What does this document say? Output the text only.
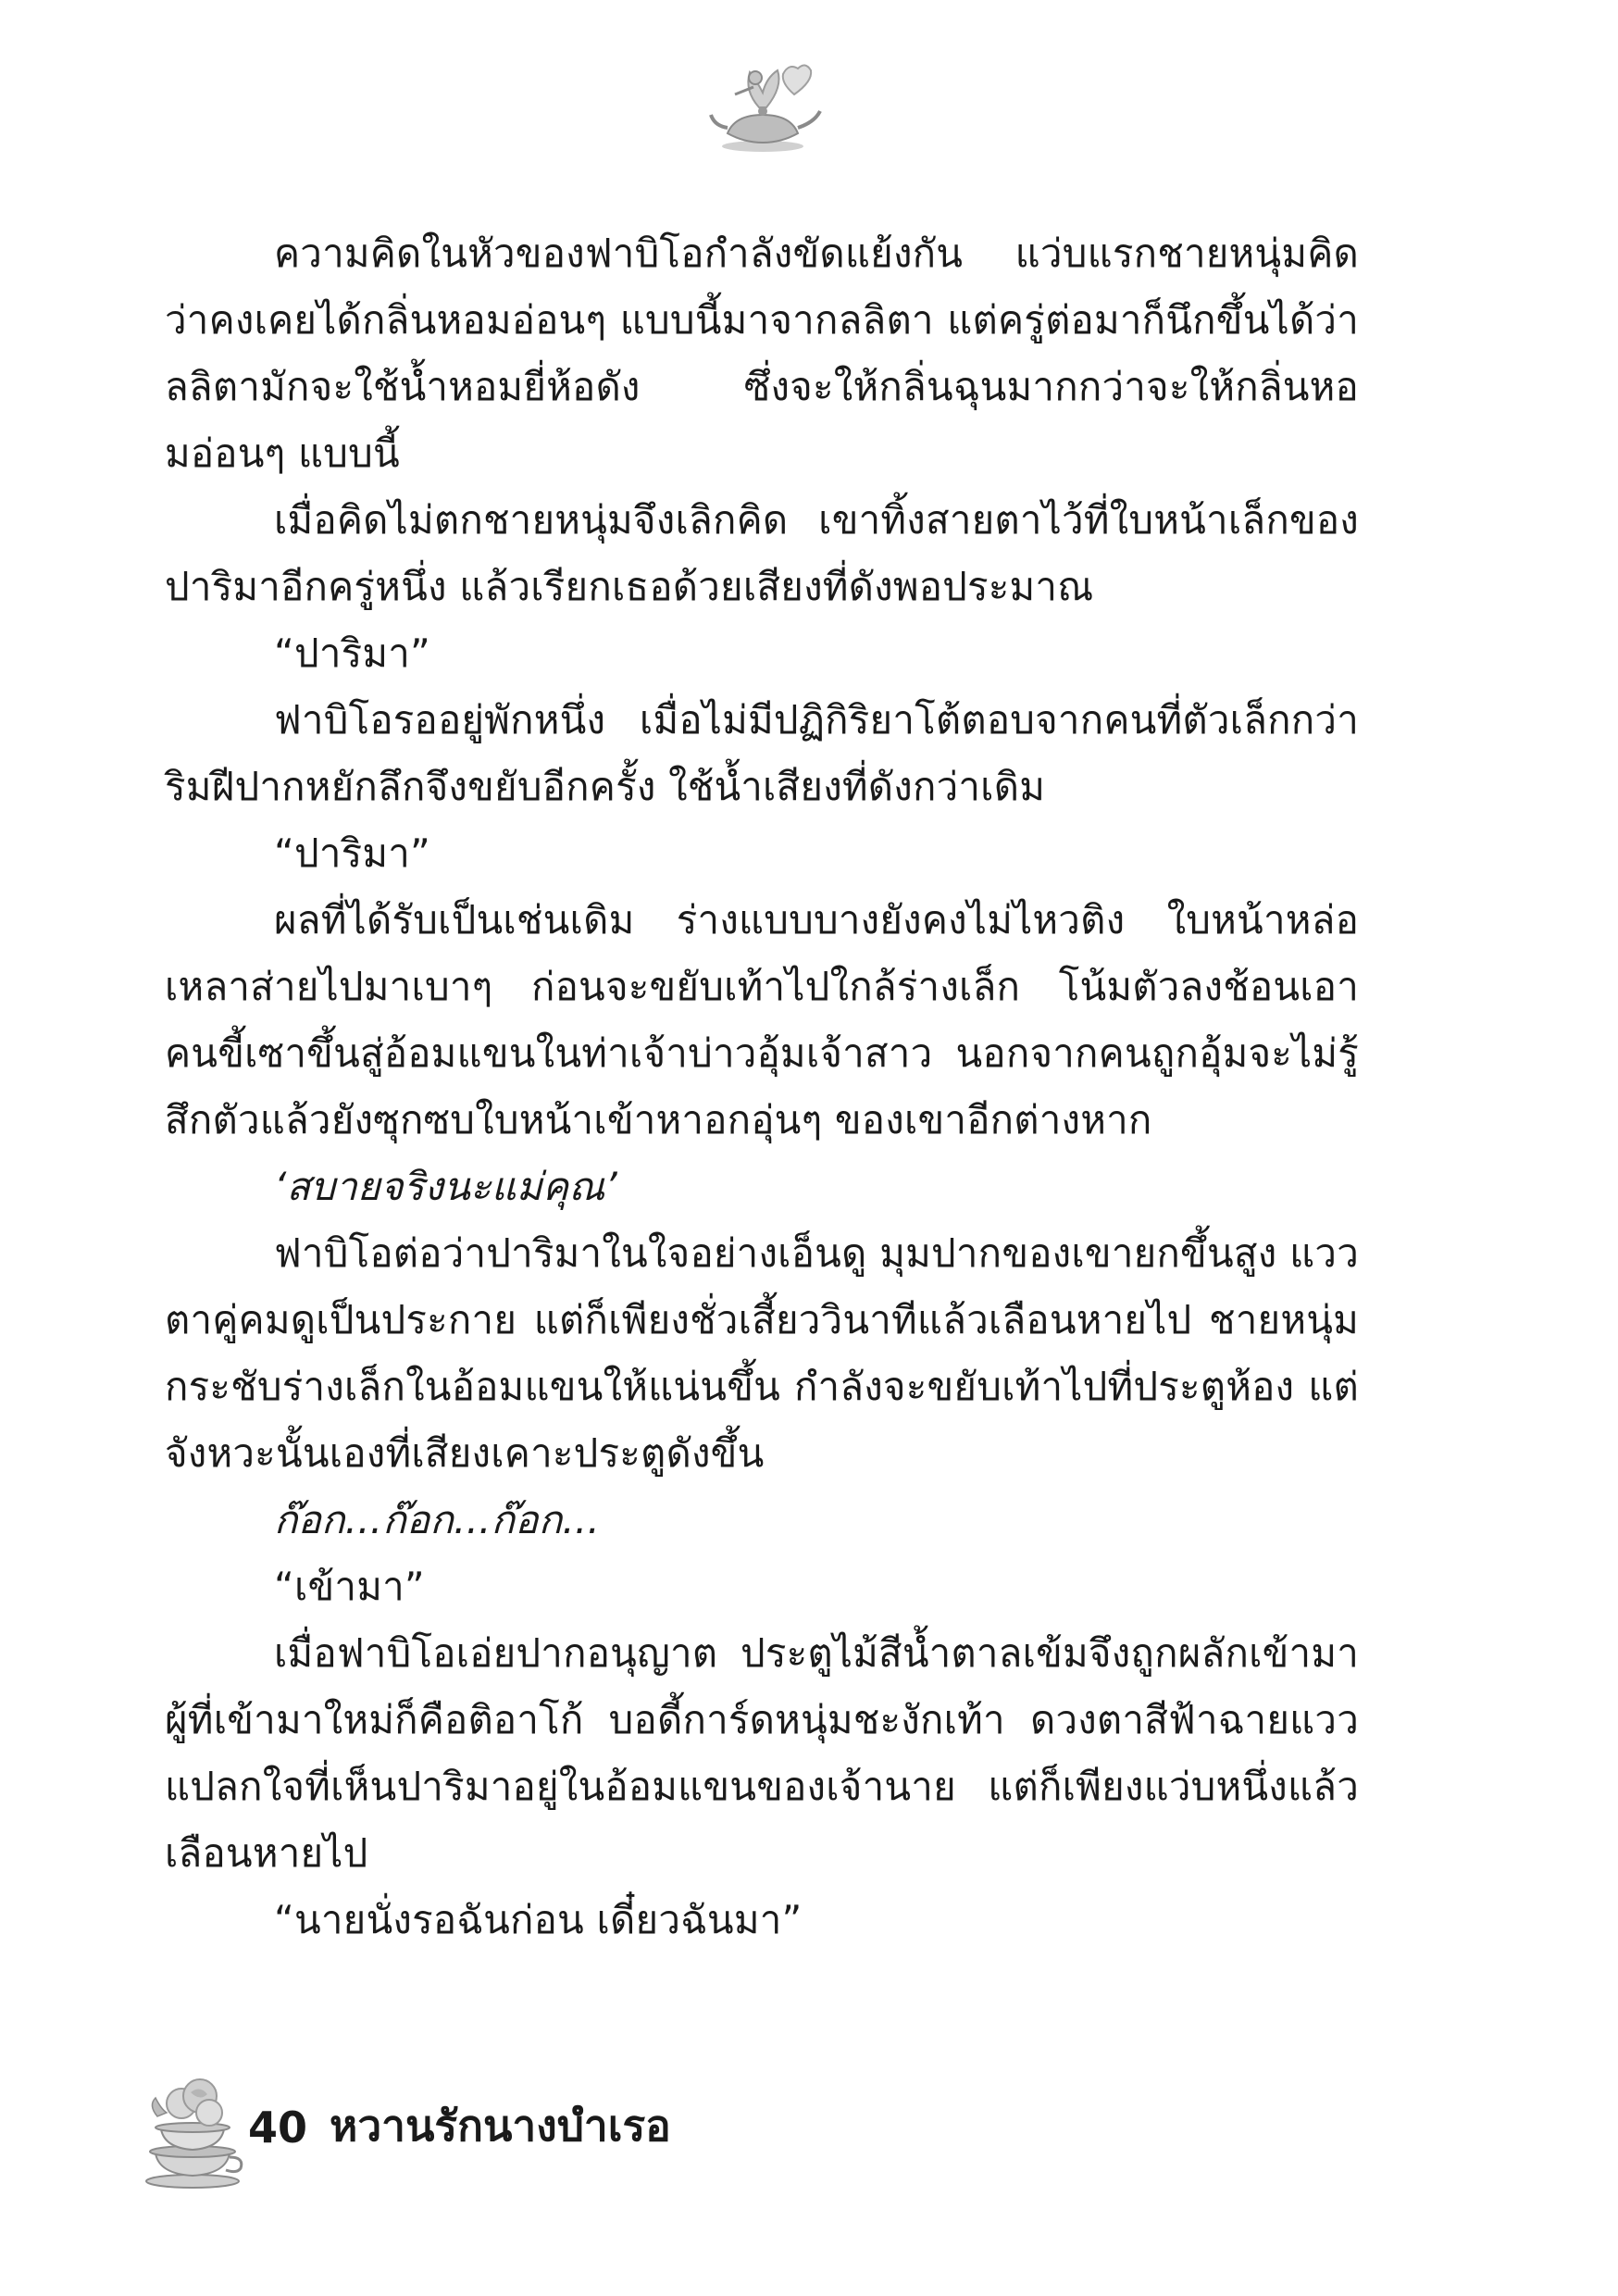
ความคิดในหัวของฟาบิโอกำลังขัดแย้งกัน แว่บแรกชายหนุ่มคิดว่าคงเคยได้กลิ่นหอมอ่อนๆ แบบนี้มาจากลลิตา แต่ครู่ต่อมาก็นึกขึ้นได้ว่าลลิตามักจะใช้น้ำหอมยี่ห้อดัง ซึ่งจะให้กลิ่นฉุนมากกว่าจะให้กลิ่นหอมอ่อนๆ แบบนี้

เมื่อคิดไม่ตกชายหนุ่มจึงเลิกคิด เขาทิ้งสายตาไว้ที่ใบหน้าเล็กของปาริมาอีกครู่หนึ่ง แล้วเรียกเธอด้วยเสียงที่ดังพอประมาณ

“ปาริมา”

ฟาบิโอรออยู่พักหนึ่ง เมื่อไม่มีปฏิกิริยาโต้ตอบจากคนที่ตัวเล็กกว่าริมฝีปากหยักลึกจึงขยับอีกครั้ง ใช้น้ำเสียงที่ดังกว่าเดิม

“ปาริมา”

ผลที่ได้รับเป็นเช่นเดิม ร่างแบบบางยังคงไม่ไหวติง ใบหน้าหล่อเหลาส่ายไปมาเบาๆ ก่อนจะขยับเท้าไปใกล้ร่างเล็ก โน้มตัวลงช้อนเอาคนขี้เซาขึ้นสู่อ้อมแขนในท่าเจ้าบ่าวอุ้มเจ้าสาว นอกจากคนถูกอุ้มจะไม่รู้สึกตัวแล้วยังซุกซบใบหน้าเข้าหาอกอุ่นๆ ของเขาอีกต่างหาก

‘สบายจริงนะแม่คุณ’

ฟาบิโอต่อว่าปาริมาในใจอย่างเอ็นดู มุมปากของเขายกขึ้นสูง แววตาคู่คมดูเป็นประกาย แต่ก็เพียงชั่วเสี้ยววินาทีแล้วเลือนหายไป ชายหนุ่มกระชับร่างเล็กในอ้อมแขนให้แน่นขึ้น กำลังจะขยับเท้าไปที่ประตูห้อง แต่จังหวะนั้นเองที่เสียงเคาะประตูดังขึ้น

ก๊อก...ก๊อก...ก๊อก...

“เข้ามา”

เมื่อฟาบิโอเอ่ยปากอนุญาต ประตูไม้สีน้ำตาลเข้มจึงถูกผลักเข้ามาผู้ที่เข้ามาใหม่ก็คือติอาโก้ บอดี้การ์ดหนุ่มชะงักเท้า ดวงตาสีฟ้าฉายแววแปลกใจที่เห็นปาริมาอยู่ในอ้อมแขนของเจ้านาย แต่ก็เพียงแว่บหนึ่งแล้วเลือนหายไป

“นายนั่งรอฉันก่อน เดี๋ยวฉันมา”

40 หวานรักนางบำเรอ
